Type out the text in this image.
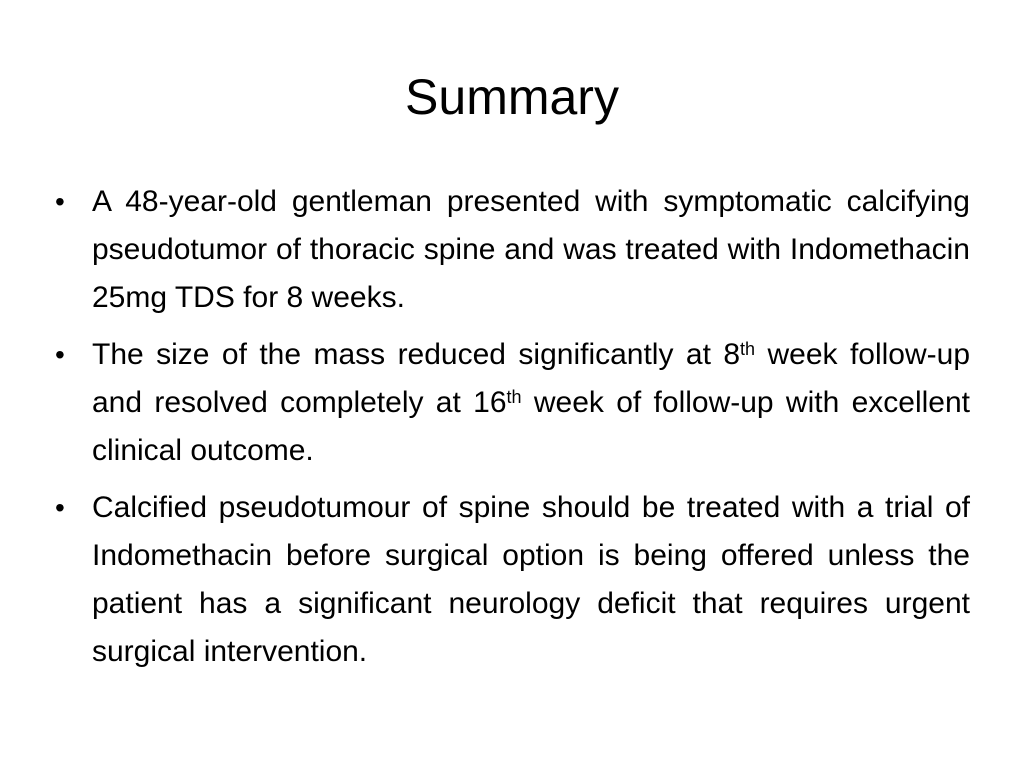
Summary
• A 48-year-old gentleman presented with symptomatic calcifying pseudotumor of thoracic spine and was treated with Indomethacin 25mg TDS for 8 weeks.
• The size of the mass reduced significantly at 8th week follow-up and resolved completely at 16th week of follow-up with excellent clinical outcome.
• Calcified pseudotumour of spine should be treated with a trial of Indomethacin before surgical option is being offered unless the patient has a significant neurology deficit that requires urgent surgical intervention.
